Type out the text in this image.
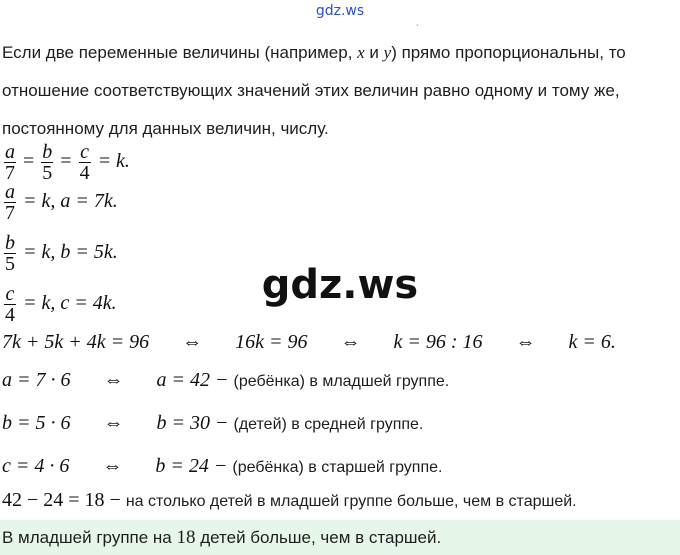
gdz.ws
˙
Если две переменные величины (например, x и y) прямо пропорциональны, то
отношение соответствующих значений этих величин равно одному и тому же,
постоянному для данных величин, числу.
$\frac{a}{7} = \frac{b}{5} = \frac{c}{4} = k$.
$\frac{a}{7} = k$, a = 7k.
$\frac{b}{5} = k$, b = 5k.
$\frac{c}{4} = k$, c = 4k.	gdz.ws
7k + 5k + 4k = 96 ⇔ 16k = 96 ⇔ k = 96 : 16 ⇔ k = 6.
a = 7 · 6 ⇔ a = 42 − (ребёнка) в младшей группе.
b = 5 · 6 ⇔ b = 30 − (детей) в средней группе.
c = 4 · 6 ⇔ b = 24 − (ребёнка) в старшей группе.
42 − 24 = 18 − на столько детей в младшей группе больше, чем в старшей.
В младшей группе на 18 детей больше, чем в старшей.
